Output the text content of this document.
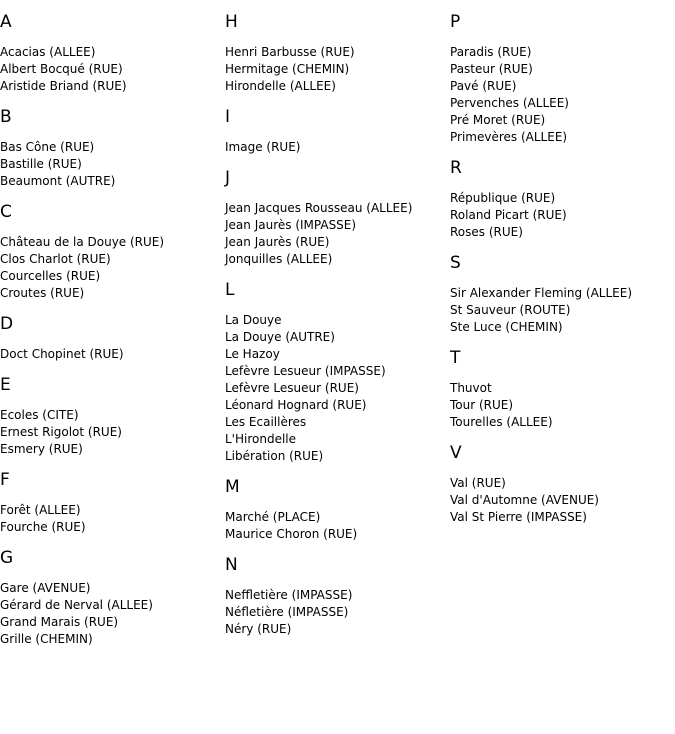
A
Acacias (ALLEE)
Albert Bocqué (RUE)
Aristide Briand (RUE)
B
Bas Cône (RUE)
Bastille (RUE)
Beaumont (AUTRE)
C
Château de la Douye (RUE)
Clos Charlot (RUE)
Courcelles (RUE)
Croutes (RUE)
D
Doct Chopinet (RUE)
E
Ecoles (CITE)
Ernest Rigolot (RUE)
Esmery (RUE)
F
Forêt (ALLEE)
Fourche (RUE)
G
Gare (AVENUE)
Gérard de Nerval (ALLEE)
Grand Marais (RUE)
Grille (CHEMIN)
H
Henri Barbusse (RUE)
Hermitage (CHEMIN)
Hirondelle (ALLEE)
I
Image (RUE)
J
Jean Jacques Rousseau (ALLEE)
Jean Jaurès (IMPASSE)
Jean Jaurès (RUE)
Jonquilles (ALLEE)
L
La Douye
La Douye (AUTRE)
Le Hazoy
Lefèvre Lesueur (IMPASSE)
Lefèvre Lesueur (RUE)
Léonard Hognard (RUE)
Les Ecaillères
L'Hirondelle
Libération (RUE)
M
Marché (PLACE)
Maurice Choron (RUE)
N
Neffletière (IMPASSE)
Néfletière (IMPASSE)
Néry (RUE)
P
Paradis (RUE)
Pasteur (RUE)
Pavé (RUE)
Pervenches (ALLEE)
Pré Moret (RUE)
Primevères (ALLEE)
R
République (RUE)
Roland Picart (RUE)
Roses (RUE)
S
Sir Alexander Fleming (ALLEE)
St Sauveur (ROUTE)
Ste Luce (CHEMIN)
T
Thuvot
Tour (RUE)
Tourelles (ALLEE)
V
Val (RUE)
Val d'Automne (AVENUE)
Val St Pierre (IMPASSE)
